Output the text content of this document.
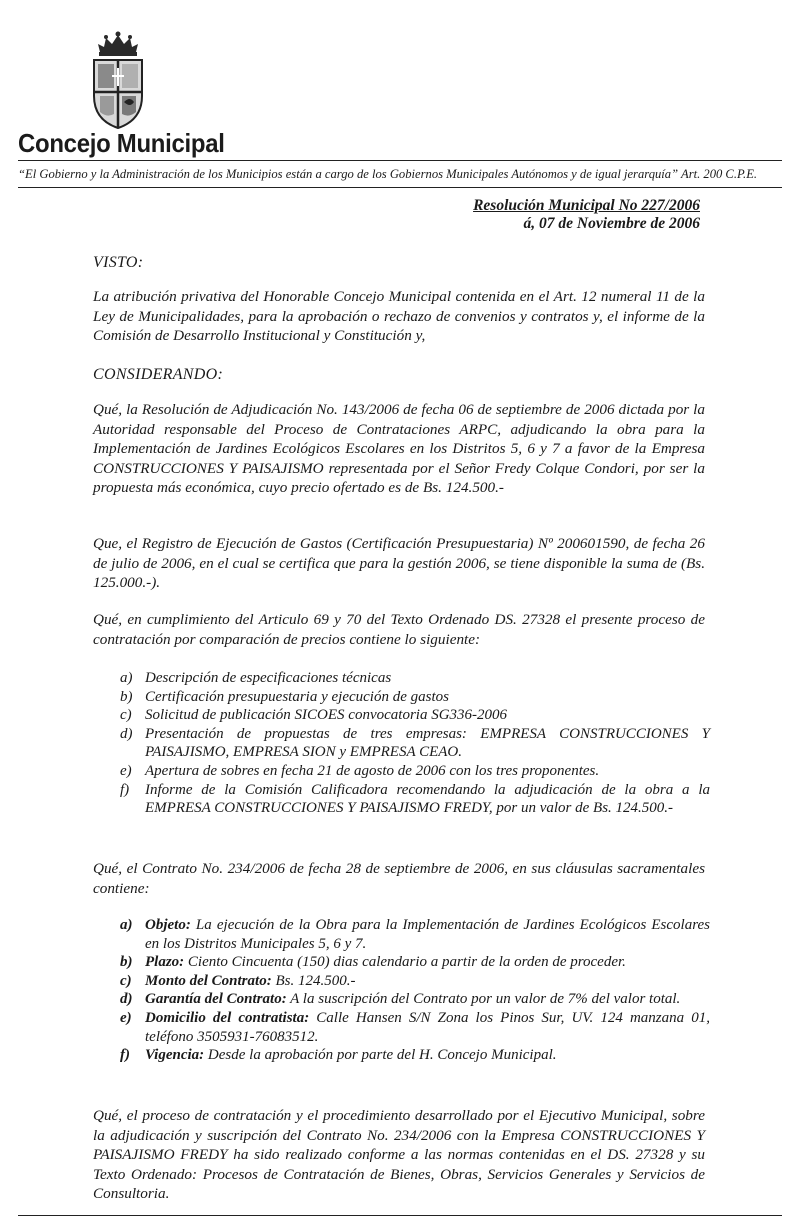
Concejo Municipal
“El Gobierno y la Administración de los Municipios están a cargo de los Gobiernos Municipales Autónomos y de igual jerarquía” Art. 200 C.P.E.
Resolución Municipal No 227/2006
á, 07 de Noviembre de 2006
VISTO:
La atribución privativa del Honorable Concejo Municipal contenida en el Art. 12 numeral 11 de la Ley de Municipalidades, para la aprobación o rechazo de convenios y contratos y, el informe de la Comisión de Desarrollo Institucional y Constitución y,
CONSIDERANDO:
Qué, la Resolución de Adjudicación No. 143/2006 de fecha 06 de septiembre de 2006 dictada por la Autoridad responsable del Proceso de Contrataciones ARPC, adjudicando la obra para la Implementación de Jardines Ecológicos Escolares en los Distritos 5, 6 y 7 a favor de la Empresa CONSTRUCCIONES Y PAISAJISMO representada por el Señor Fredy Colque Condori, por ser la propuesta más económica, cuyo precio ofertado es de Bs. 124.500.-
Que, el Registro de Ejecución de Gastos (Certificación Presupuestaria) Nº 200601590, de fecha 26 de julio de 2006, en el cual se certifica que para la gestión 2006, se tiene disponible la suma de (Bs. 125.000.-).
Qué, en cumplimiento del Articulo 69 y 70 del Texto Ordenado DS. 27328 el presente proceso de contratación por comparación de precios contiene lo siguiente:
a) Descripción de especificaciones técnicas
b) Certificación presupuestaria y ejecución de gastos
c) Solicitud de publicación SICOES convocatoria SG336-2006
d) Presentación de propuestas de tres empresas: EMPRESA CONSTRUCCIONES Y PAISAJISMO, EMPRESA SION y EMPRESA CEAO.
e) Apertura de sobres en fecha 21 de agosto de 2006 con los tres proponentes.
f) Informe de la Comisión Calificadora recomendando la adjudicación de la obra a la EMPRESA CONSTRUCCIONES Y PAISAJISMO FREDY, por un valor de Bs. 124.500.-
Qué, el Contrato No. 234/2006 de fecha 28 de septiembre de 2006, en sus cláusulas sacramentales contiene:
a) Objeto: La ejecución de la Obra para la Implementación de Jardines Ecológicos Escolares en los Distritos Municipales 5, 6 y 7.
b) Plazo: Ciento Cincuenta (150) dias calendario a partir de la orden de proceder.
c) Monto del Contrato: Bs. 124.500.-
d) Garantía del Contrato: A la suscripción del Contrato por un valor de 7% del valor total.
e) Domicilio del contratista: Calle Hansen S/N Zona los Pinos Sur, UV. 124 manzana 01, teléfono 3505931-76083512.
f) Vigencia: Desde la aprobación por parte del H. Concejo Municipal.
Qué, el proceso de contratación y el procedimiento desarrollado por el Ejecutivo Municipal, sobre la adjudicación y suscripción del Contrato No. 234/2006 con la Empresa CONSTRUCCIONES Y PAISAJISMO FREDY ha sido realizado conforme a las normas contenidas en el DS. 27328 y su Texto Ordenado: Procesos de Contratación de Bienes, Obras, Servicios Generales y Servicios de Consultoria.
